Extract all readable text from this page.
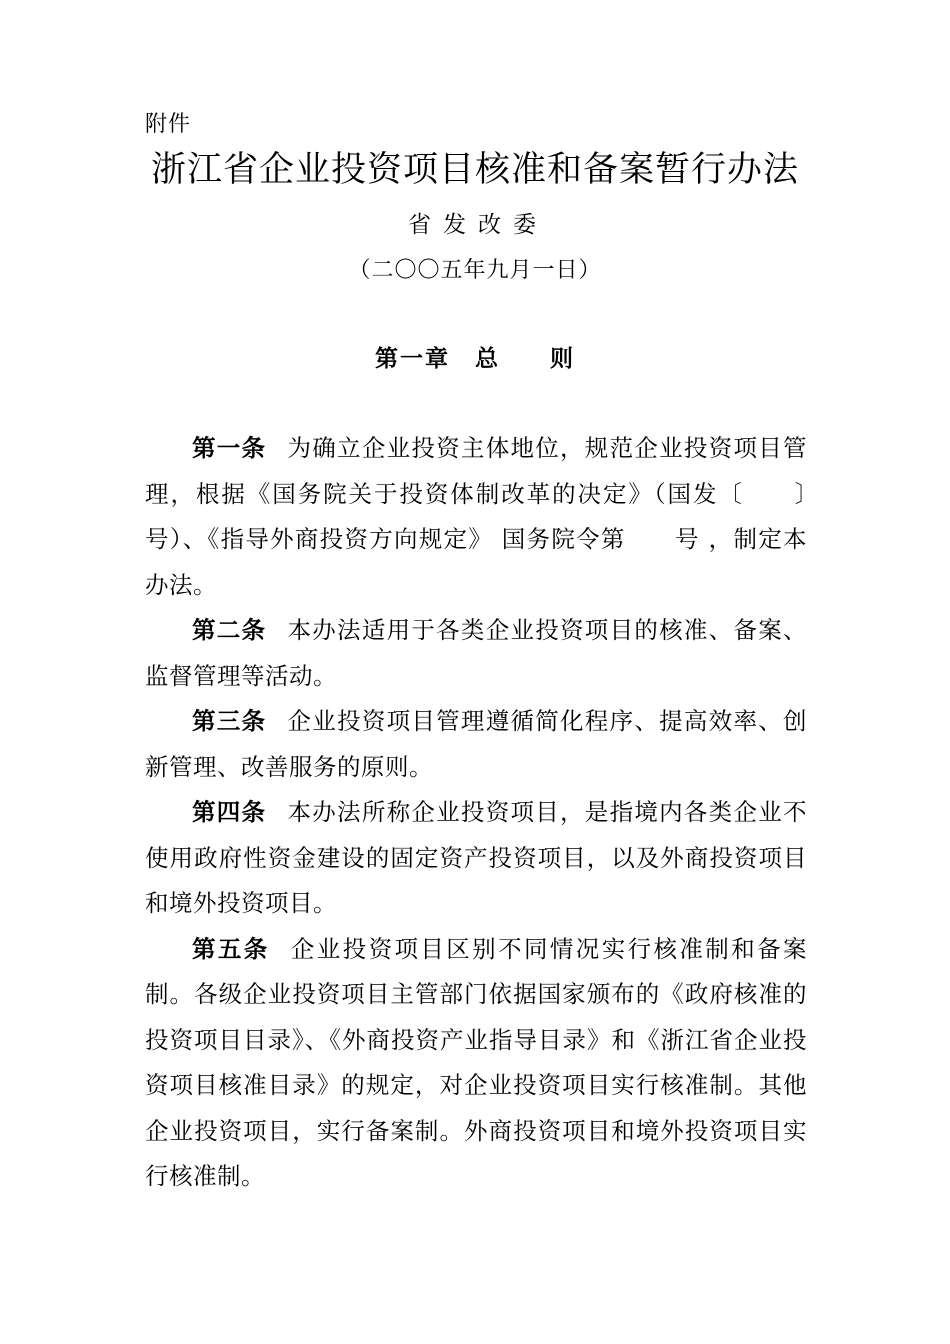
附件
浙江省企业投资项目核准和备案暂行办法
省发改委
（二〇〇五年九月一日）
第一章　总　　则

第一条 为确立企业投资主体地位，规范企业投资项目管理，根据《国务院关于投资体制改革的决定》（国发〔　　〕　　号）、《指导外商投资方向规定》 国务院令第　　号 ，制定本办法。

第二条 本办法适用于各类企业投资项目的核准、备案、监督管理等活动。

第三条 企业投资项目管理遵循简化程序、提高效率、创新管理、改善服务的原则。

第四条 本办法所称企业投资项目，是指境内各类企业不使用政府性资金建设的固定资产投资项目，以及外商投资项目和境外投资项目。

第五条 企业投资项目区别不同情况实行核准制和备案制。各级企业投资项目主管部门依据国家颁布的《政府核准的投资项目目录》、《外商投资产业指导目录》和《浙江省企业投资项目核准目录》的规定，对企业投资项目实行核准制。其他企业投资项目，实行备案制。外商投资项目和境外投资项目实行核准制。
